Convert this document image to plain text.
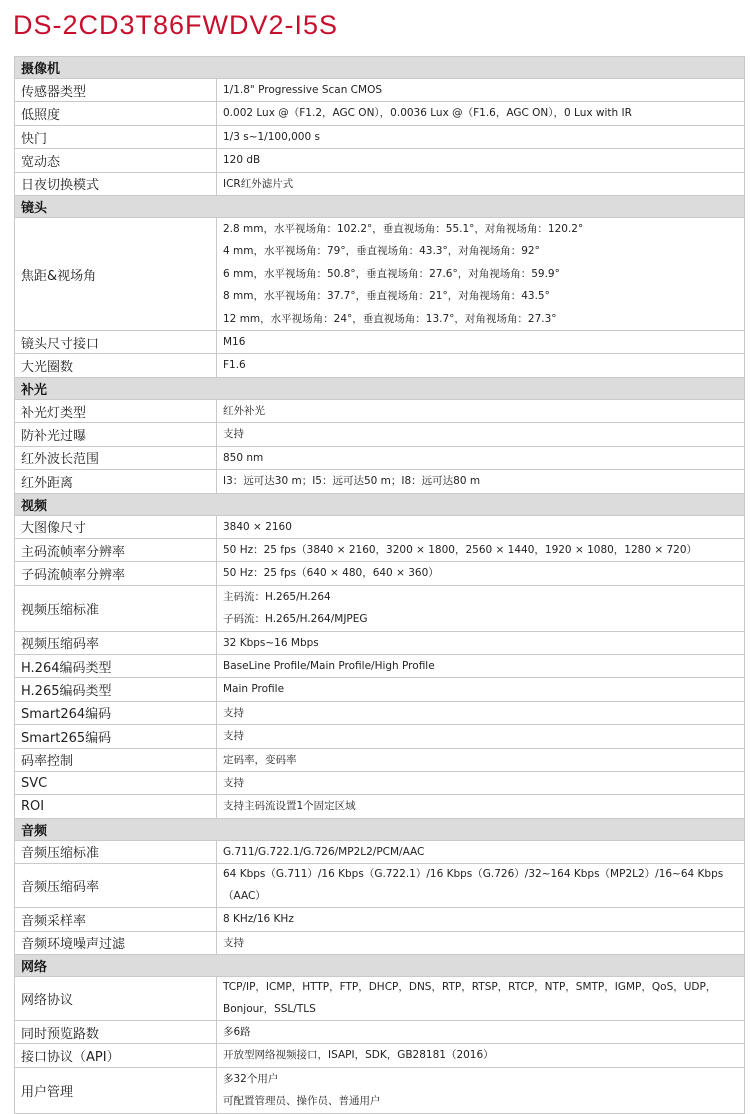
DS-2CD3T86FWDV2-I5S
摄像机	
传感器类型	1/1.8" Progressive Scan CMOS

低照度	0.002 Lux @（F1.2，AGC ON），0.0036 Lux @（F1.6，AGC ON），0 Lux with IR

快门	1/3 s~1/100,000 s

宽动态	120 dB

日夜切换模式	ICR红外滤片式

镜头	
焦距&视场角	2.8 mm，水平视场角：102.2°，垂直视场角：55.1°，对角视场角：120.2°
4 mm，水平视场角：79°，垂直视场角：43.3°，对角视场角：92°
6 mm，水平视场角：50.8°，垂直视场角：27.6°，对角视场角：59.9°
8 mm，水平视场角：37.7°，垂直视场角：21°，对角视场角：43.5°
12 mm，水平视场角：24°，垂直视场角：13.7°，对角视场角：27.3°

镜头尺寸接口	M16

大光圈数	F1.6

补光	
补光灯类型	红外补光

防补光过曝	支持

红外波长范围	850 nm

红外距离	I3：远可达30 m；I5：远可达50 m；I8：远可达80 m

视频	
大图像尺寸	3840 × 2160

主码流帧率分辨率	50 Hz：25 fps（3840 × 2160，3200 × 1800，2560 × 1440，1920 × 1080，1280 × 720）

子码流帧率分辨率	50 Hz：25 fps（640 × 480，640 × 360）

视频压缩标准	主码流：H.265/H.264
子码流：H.265/H.264/MJPEG

视频压缩码率	32 Kbps~16 Mbps

H.264编码类型	BaseLine Profile/Main Profile/High Profile

H.265编码类型	Main Profile

Smart264编码	支持

Smart265编码	支持

码率控制	定码率，变码率

SVC	支持

ROI	支持主码流设置1个固定区域

音频	
音频压缩标准	G.711/G.722.1/G.726/MP2L2/PCM/AAC

音频压缩码率	64 Kbps（G.711）/16 Kbps（G.722.1）/16 Kbps（G.726）/32~164 Kbps（MP2L2）/16~64 Kbps（AAC）

音频采样率	8 KHz/16 KHz

音频环境噪声过滤	支持

网络	
网络协议	TCP/IP，ICMP，HTTP，FTP，DHCP，DNS，RTP，RTSP，RTCP，NTP，SMTP，IGMP，QoS，UDP，Bonjour，SSL/TLS

同时预览路数	多6路

接口协议（API）	开放型网络视频接口，ISAPI，SDK，GB28181（2016）

用户管理	多32个用户
可配置管理员、操作员、普通用户
